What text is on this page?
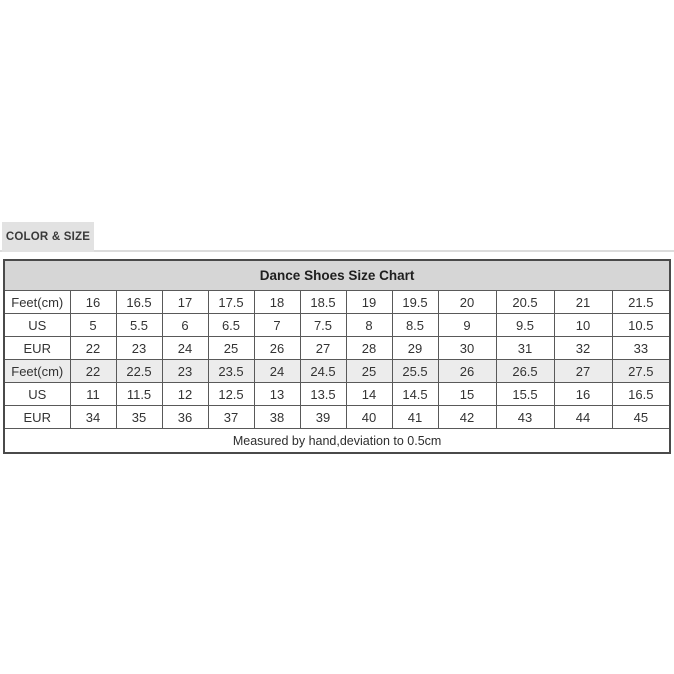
COLOR & SIZE
Dance Shoes Size Chart												
Feet(cm)	16	16.5	17	17.5	18	18.5	19	19.5	20	20.5	21	21.5
US	5	5.5	6	6.5	7	7.5	8	8.5	9	9.5	10	10.5
EUR	22	23	24	25	26	27	28	29	30	31	32	33
Feet(cm)	22	22.5	23	23.5	24	24.5	25	25.5	26	26.5	27	27.5
US	11	11.5	12	12.5	13	13.5	14	14.5	15	15.5	16	16.5
EUR	34	35	36	37	38	39	40	41	42	43	44	45
Measured by hand,deviation to 0.5cm												
